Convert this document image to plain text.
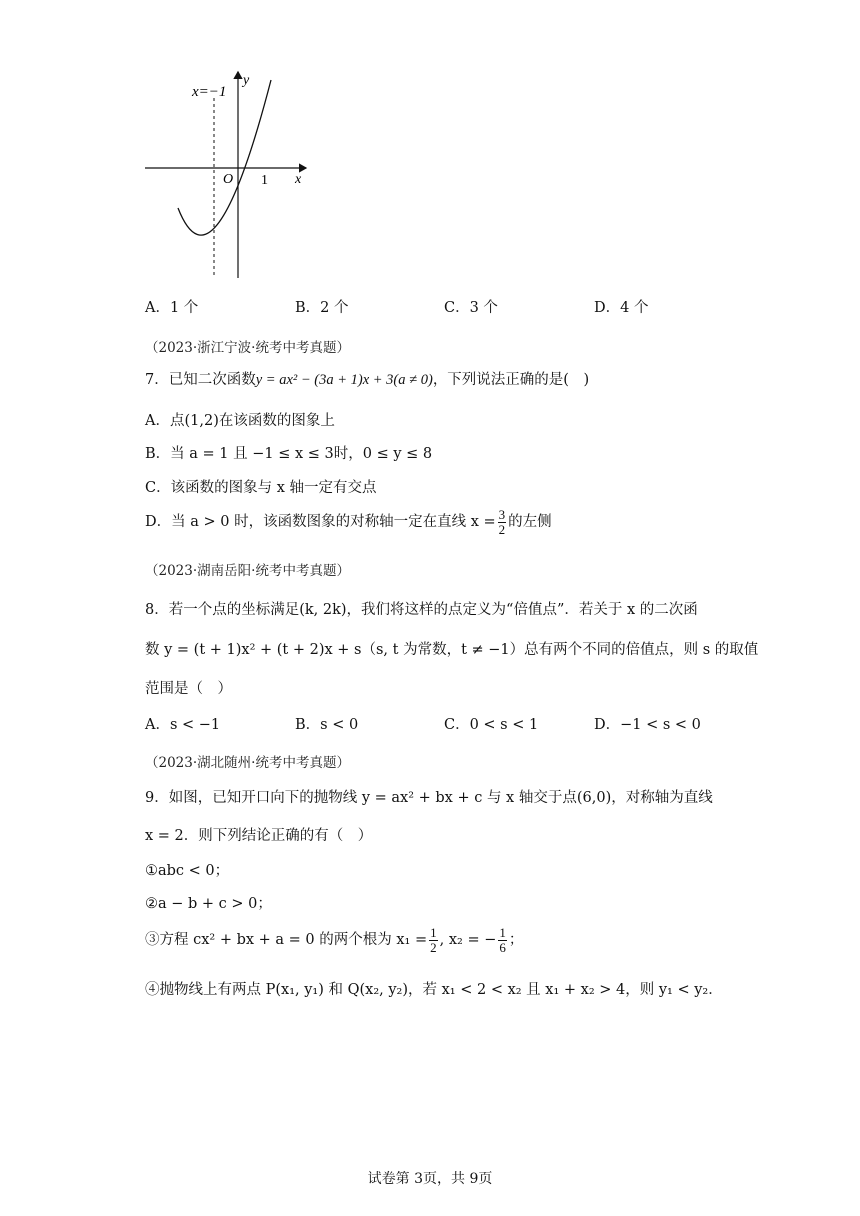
x=−1
y
x
O 1
A．1 个	B．2 个	C．3 个	D．4 个
（2023·浙江宁波·统考中考真题）
7．已知二次函数y = ax² − (3a + 1)x + 3(a ≠ 0)，下列说法正确的是(　)
A．点(1,2)在该函数的图象上
B．当 a = 1 且 −1 ≤ x ≤ 3时，0 ≤ y ≤ 8
C．该函数的图象与 x 轴一定有交点
D．当 a > 0 时，该函数图象的对称轴一定在直线 $x = \frac{3}{2}$ 的左侧
（2023·湖南岳阳·统考中考真题）
8．若一个点的坐标满足(k, 2k)，我们将这样的点定义为“倍值点”．若关于 x 的二次函
数 y = (t + 1)x² + (t + 2)x + s（s, t 为常数，t ≠ −1）总有两个不同的倍值点，则 s 的取值
范围是（　）
A．s < −1	B．s < 0	C．0 < s < 1	D．−1 < s < 0
（2023·湖北随州·统考中考真题）
9．如图，已知开口向下的抛物线 y = ax² + bx + c 与 x 轴交于点(6,0)，对称轴为直线
x = 2．则下列结论正确的有（　）
①abc < 0；
②a − b + c > 0；
③方程 cx² + bx + a = 0 的两个根为 $x_1 = \frac{1}{2}$ , x₂ = − $\frac{1}{6}$ ；
④抛物线上有两点 P(x₁, y₁) 和 Q(x₂, y₂)，若 x₁ < 2 < x₂ 且 x₁ + x₂ > 4，则 y₁ < y₂．
试卷第 3页，共 9页
